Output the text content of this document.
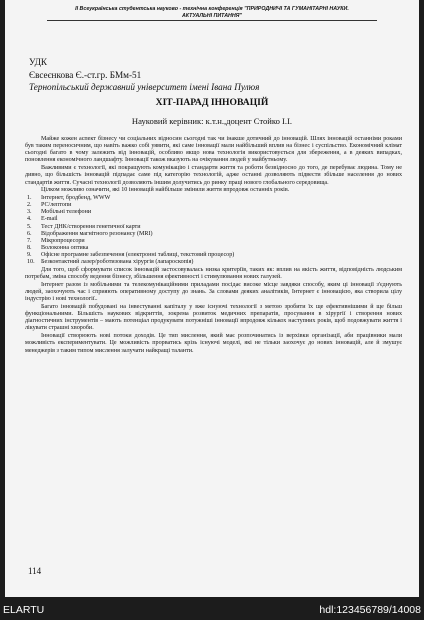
II Всеукраїнська студентська науково - технічна конференція "ПРИРОДНИЧІ ТА ГУМАНІТАРНІ НАУКИ.
АКТУАЛЬНІ ПИТАННЯ"
УДК
Євсеєнкова Є.-ст.гр. БМм-51
Тернопільський державний університет імені Івана Пулюя
ХІТ-ПАРАД ІННОВАЦІЙ
Науковий керівник: к.т.н.,доцент Стойко І.І.

Майже кожен аспект бізнесу чи соціальних відносин сьогодні так чи інакше дотичний до інновацій. Шлях інновацій останніми роками був таким переносичним, що навіть важко собі уявити, які саме інновації мали найбільший вплив на бізнес і суспільство. Економічний клімат сьогодні багато в чому залежить від інновацій, особливо якщо нова технологія використовується для збереження, а в деяких випадках, поновлення економічного ландшафту. Інновації також вказують на очікування людей у майбутньому.

Важливими є технології, які покращують комунікацію і стандарти життя та роботи безвідносно до того, де перебуває людина. Тому не дивно, що більшість інновацій підпадає саме під категорію технологій, адже останні дозволяють підвести збільше населення до нових стандартів життя. Сучасні технології дозволяють іншим долучитись до ринку праці нового глобального середовища.

Цілком можливо означити, які 10 інновацій найбільше змінили життя впродовж останніх років.

1.	Інтернет, бродбенд, WWW
2.	РС/лептопи
3.	Мобільні телефони
4.	E-mail
5.	Тест ДНК/створення генетичної карти
6.	Відображення магнітного резонансу (MRI)
7.	Мікропроцесори
8.	Волоконна оптика
9.	Офісне програмне забезпечення (електронні таблиці, текстовий процесор)
10.	Безконтактний лазер/роботизована хірургія (лапароскопія)

Для того, щоб сформувати список інновацій застосовувалась низка критеріїв, таких як: вплив на якість життя, відповідність людським потребам, зміна способу ведення бізнесу, збільшення ефективності і стимулювання нових галузей.

Інтернет разом із мобільними та телекомунікаційними приладами посідає високе місце завдяки способу, яким ці інновації з'єднують людей, заохочують час і сприяють оперативному доступу до знань. За словами деяких аналітиків, Інтернет є інновацією, яка створила цілу індустрію і нові технології..

Багато інновацій побудовані на інвестуванні капіталу у вже існуючі технології з метою зробити їх ще ефективнішими й ще більш функціональними. Більшість наукових відкриттів, зокрема розвиток медичних препаратів, просування в хірургії і створення нових діагностичних інструментів – мають потенціал продукувати потужніші інновації впродовж кількох наступних років, щоб подовжувати життя і лікувати страшні хвороби.

Інновації створюють нові потоки доходів. Це тип мислення, який має розпочинатись із верхівки організації, аби працівники мали можливість експериментувати. Це можливість прорватись крізь існуючі моделі, які не тільки заохочує до нових інновацій, але й змушує менеджерів з таким типом мислення залучати найкращі таланти.

114
ELARTU	hdl:123456789/14008
